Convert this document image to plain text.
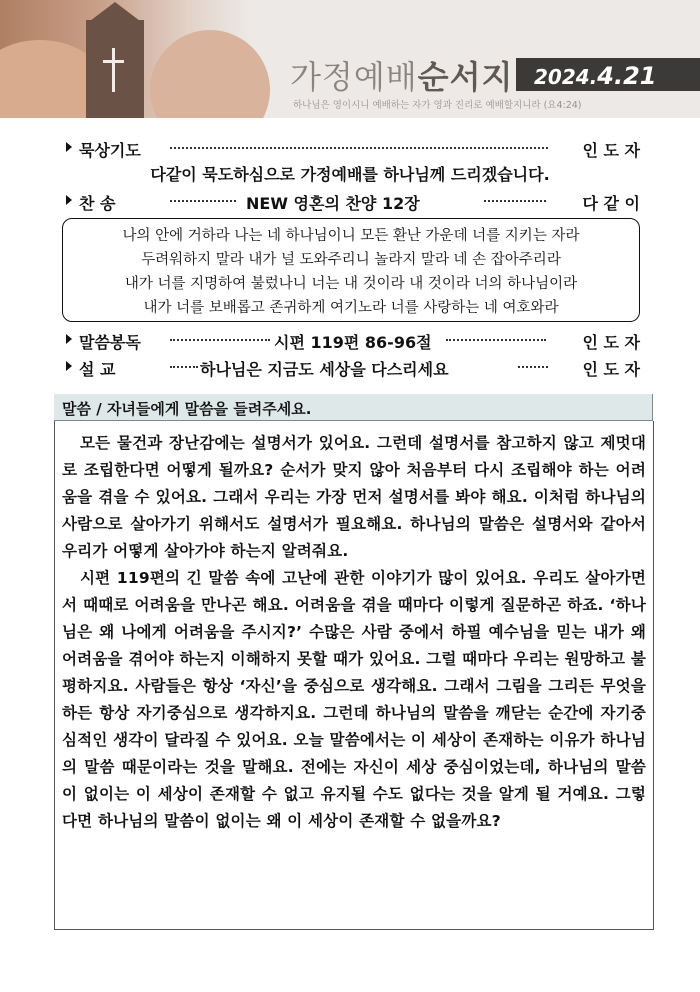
가정예배순서지 2024.4.21
하나님은 영이시니 예배하는 자가 영과 진리로 예배할지니라 (요4:24)
묵상기도	인 도 자
다같이 묵도하심으로 가정예배를 하나님께 드리겠습니다.
찬 송	NEW 영혼의 찬양 12장	다 같 이

나의 안에 거하라 나는 네 하나님이니 모든 환난 가운데 너를 지키는 자라

두려워하지 말라 내가 널 도와주리니 놀라지 말라 네 손 잡아주리라

내가 너를 지명하여 불렀나니 너는 내 것이라 내 것이라 너의 하나님이라

내가 너를 보배롭고 존귀하게 여기노라 너를 사랑하는 네 여호와라

말씀봉독	시편 119편 86-96절	인 도 자
설 교	하나님은 지금도 세상을 다스리세요	인 도 자
말씀 / 자녀들에게 말씀을 들려주세요.

모든 물건과 장난감에는 설명서가 있어요. 그런데 설명서를 참고하지 않고 제멋대로 조립한다면 어떻게 될까요? 순서가 맞지 않아 처음부터 다시 조립해야 하는 어려움을 겪을 수 있어요. 그래서 우리는 가장 먼저 설명서를 봐야 해요. 이처럼 하나님의 사람으로 살아가기 위해서도 설명서가 필요해요. 하나님의 말씀은 설명서와 같아서 우리가 어떻게 살아가야 하는지 알려줘요.

시편 119편의 긴 말씀 속에 고난에 관한 이야기가 많이 있어요. 우리도 살아가면서 때때로 어려움을 만나곤 해요. 어려움을 겪을 때마다 이렇게 질문하곤 하죠. ‘하나님은 왜 나에게 어려움을 주시지?’ 수많은 사람 중에서 하필 예수님을 믿는 내가 왜 어려움을 겪어야 하는지 이해하지 못할 때가 있어요. 그럴 때마다 우리는 원망하고 불평하지요. 사람들은 항상 ‘자신’을 중심으로 생각해요. 그래서 그림을 그리든 무엇을 하든 항상 자기중심으로 생각하지요. 그런데 하나님의 말씀을 깨닫는 순간에 자기중심적인 생각이 달라질 수 있어요. 오늘 말씀에서는 이 세상이 존재하는 이유가 하나님의 말씀 때문이라는 것을 말해요. 전에는 자신이 세상 중심이었는데, 하나님의 말씀이 없이는 이 세상이 존재할 수 없고 유지될 수도 없다는 것을 알게 될 거예요. 그렇다면 하나님의 말씀이 없이는 왜 이 세상이 존재할 수 없을까요?
